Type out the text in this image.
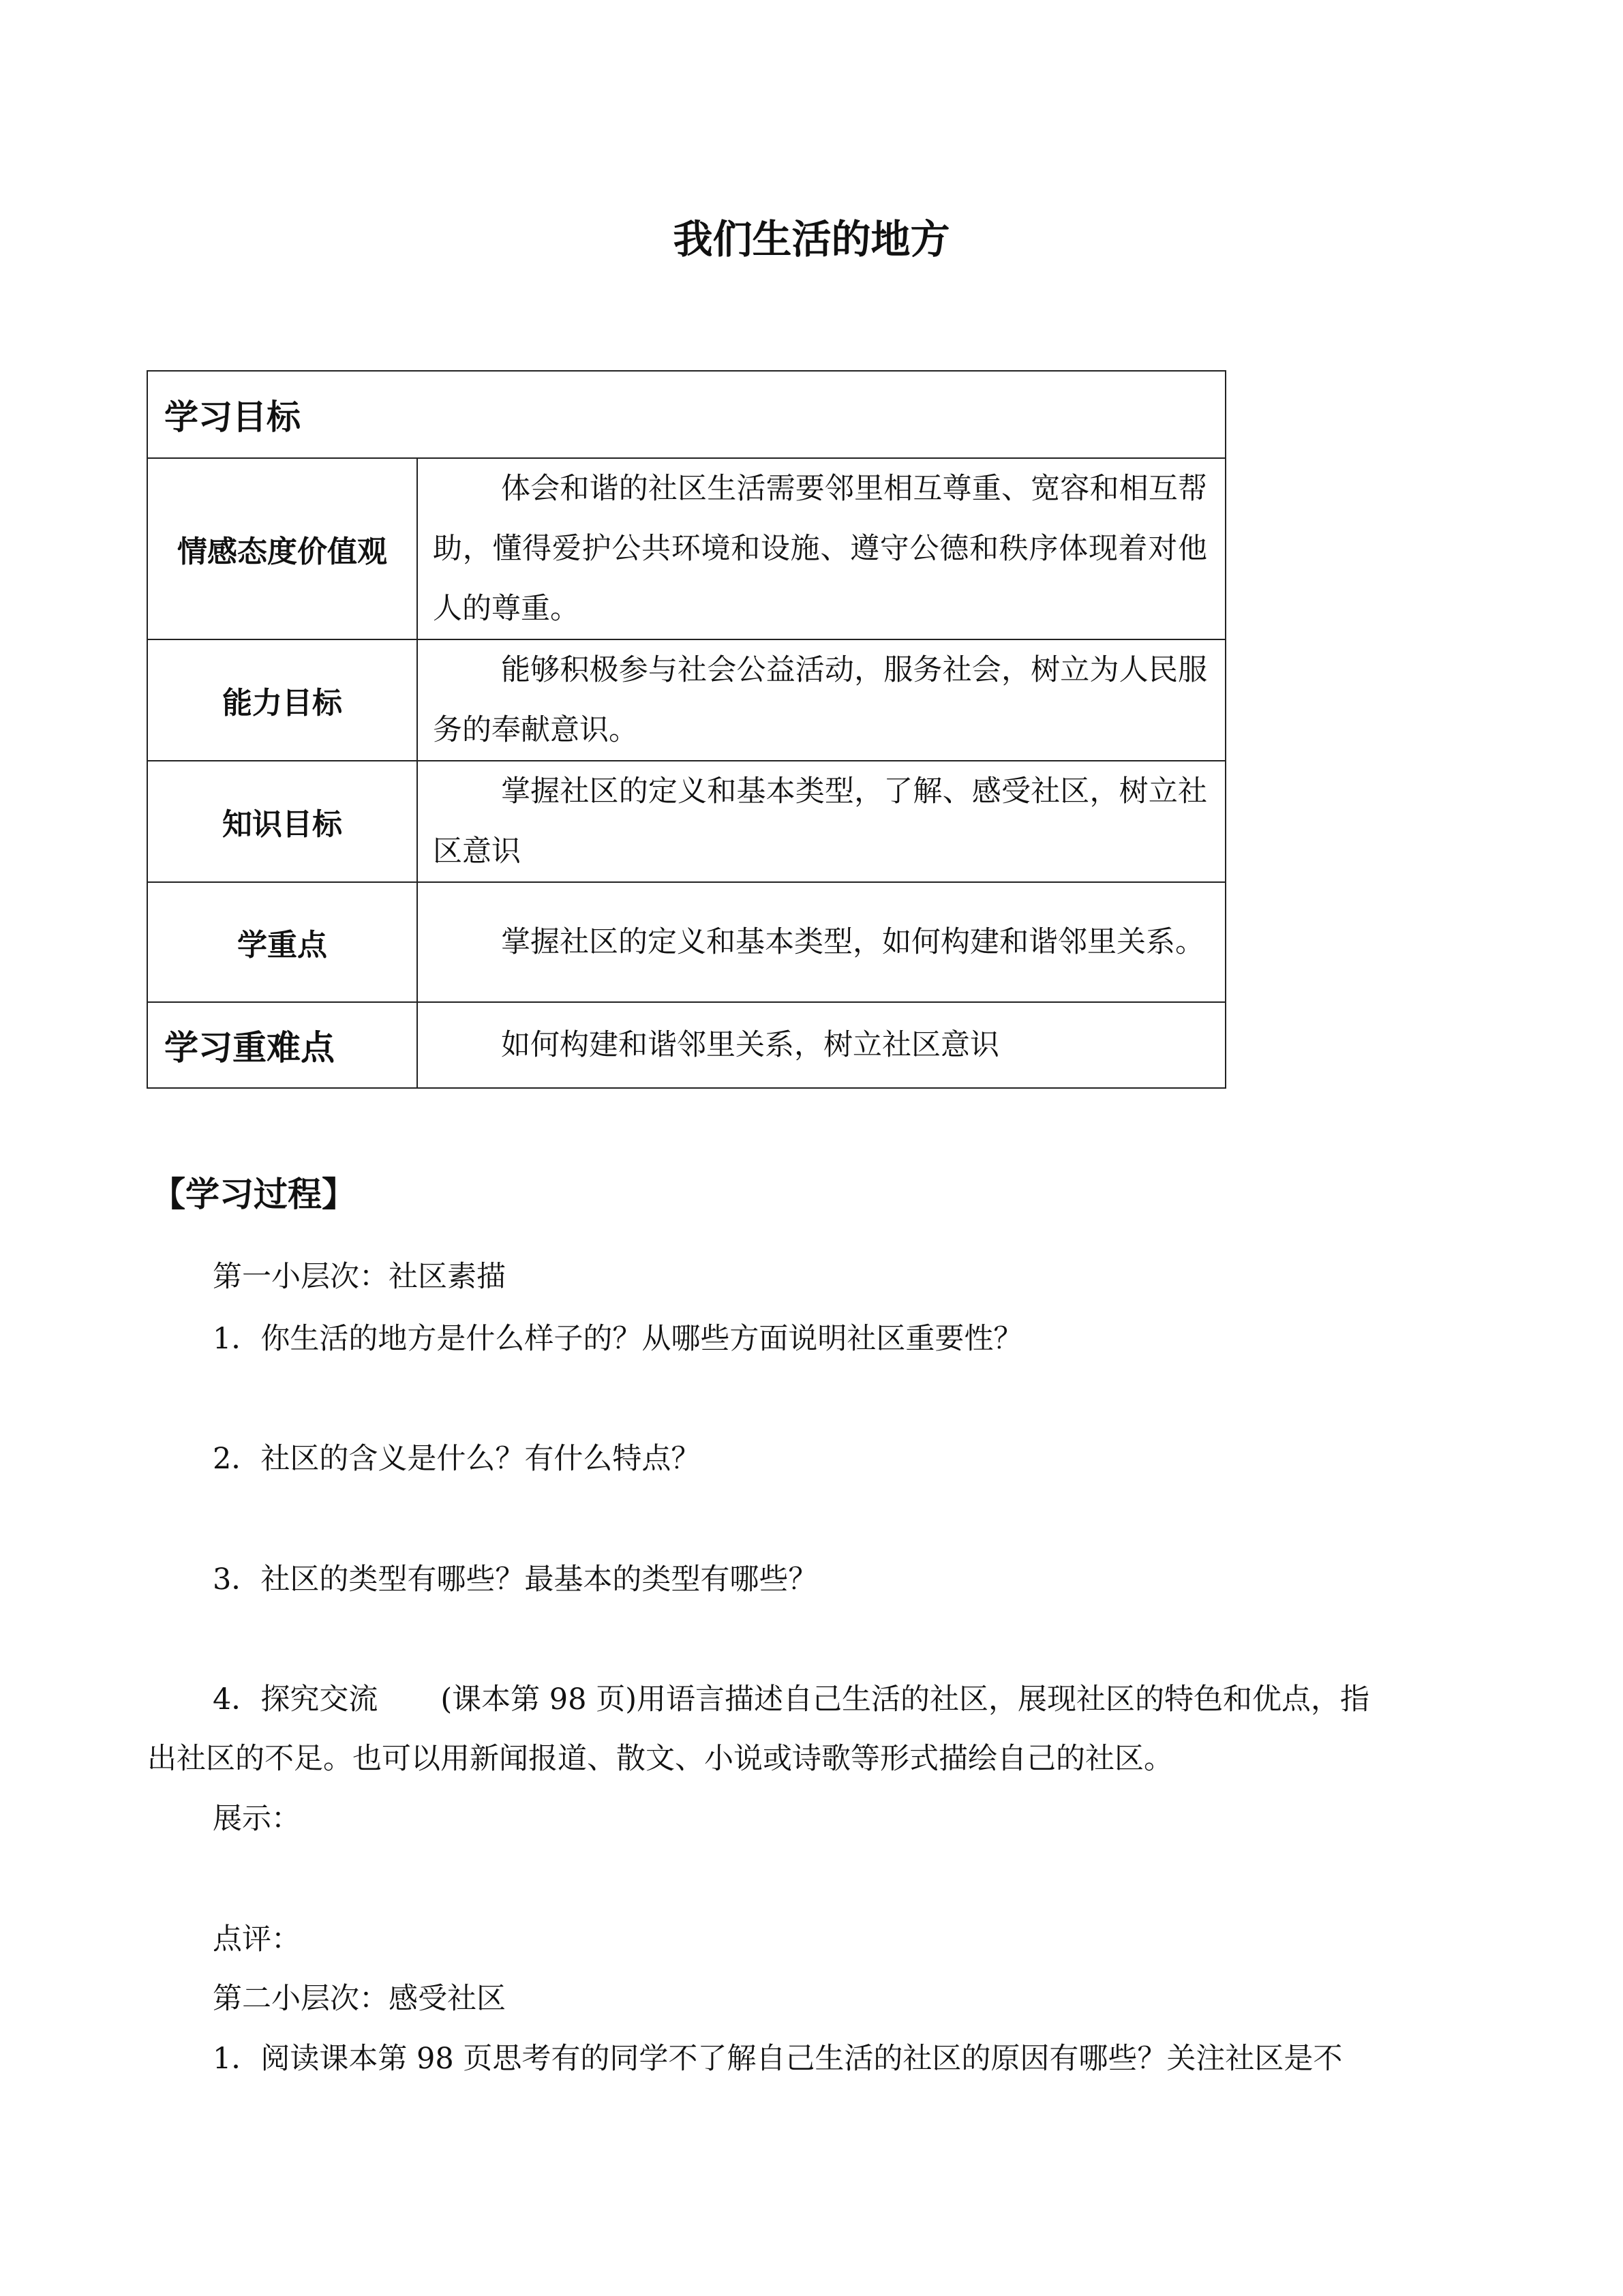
我们生活的地方
学习目标	
情感态度价值观	体会和谐的社区生活需要邻里相互尊重、宽容和相互帮助，懂得爱护公共环境和设施、遵守公德和秩序体现着对他人的尊重。
能力目标	能够积极参与社会公益活动，服务社会，树立为人民服务的奉献意识。
知识目标	掌握社区的定义和基本类型，了解、感受社区，树立社区意识
学重点	掌握社区的定义和基本类型，如何构建和谐邻里关系。
学习重难点	如何构建和谐邻里关系，树立社区意识
【学习过程】

第一小层次：社区素描

1．你生活的地方是什么样子的？从哪些方面说明社区重要性？

2．社区的含义是什么？有什么特点？

3．社区的类型有哪些？最基本的类型有哪些？

4．探究交流 (课本第 98 页)用语言描述自己生活的社区，展现社区的特色和优点，指

出社区的不足。也可以用新闻报道、散文、小说或诗歌等形式描绘自己的社区。

展示：

点评：

第二小层次：感受社区

1．阅读课本第 98 页思考有的同学不了解自己生活的社区的原因有哪些？关注社区是不
